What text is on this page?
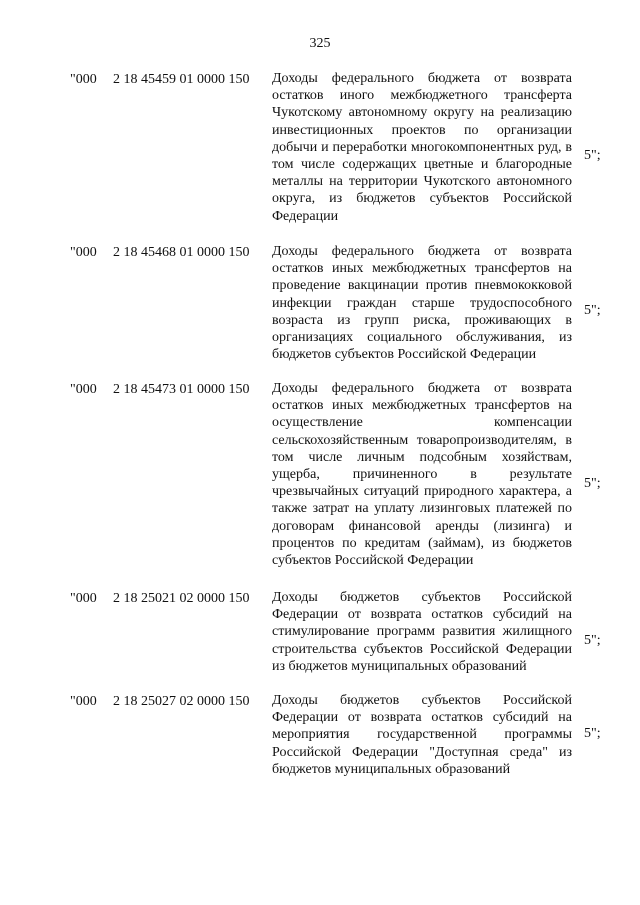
325
"000 2 18 45459 01 0000 150 Доходы федерального бюджета от возврата остатков иного межбюджетного трансферта Чукотскому автономному округу на реализацию инвестиционных проектов по организации добычи и переработки многокомпонентных руд, в том числе содержащих цветные и благородные металлы на территории Чукотского автономного округа, из бюджетов субъектов Российской Федерации
5";
"000 2 18 45468 01 0000 150 Доходы федерального бюджета от возврата остатков иных межбюджетных трансфертов на проведение вакцинации против пневмококковой инфекции граждан старше трудоспособного возраста из групп риска, проживающих в организациях социального обслуживания, из бюджетов субъектов Российской Федерации
5";
"000 2 18 45473 01 0000 150 Доходы федерального бюджета от возврата остатков иных межбюджетных трансфертов на осуществление компенсации сельскохозяйственным товаропроизводителям, в том числе личным подсобным хозяйствам, ущерба, причиненного в результате чрезвычайных ситуаций природного характера, а также затрат на уплату лизинговых платежей по договорам финансовой аренды (лизинга) и процентов по кредитам (займам), из бюджетов субъектов Российской Федерации
5";
"000 2 18 25021 02 0000 150 Доходы бюджетов субъектов Российской Федерации от возврата остатков субсидий на стимулирование программ развития жилищного строительства субъектов Российской Федерации из бюджетов муниципальных образований
5";
"000 2 18 25027 02 0000 150 Доходы бюджетов субъектов Российской Федерации от возврата остатков субсидий на мероприятия государственной программы Российской Федерации "Доступная среда" из бюджетов муниципальных образований
5";
